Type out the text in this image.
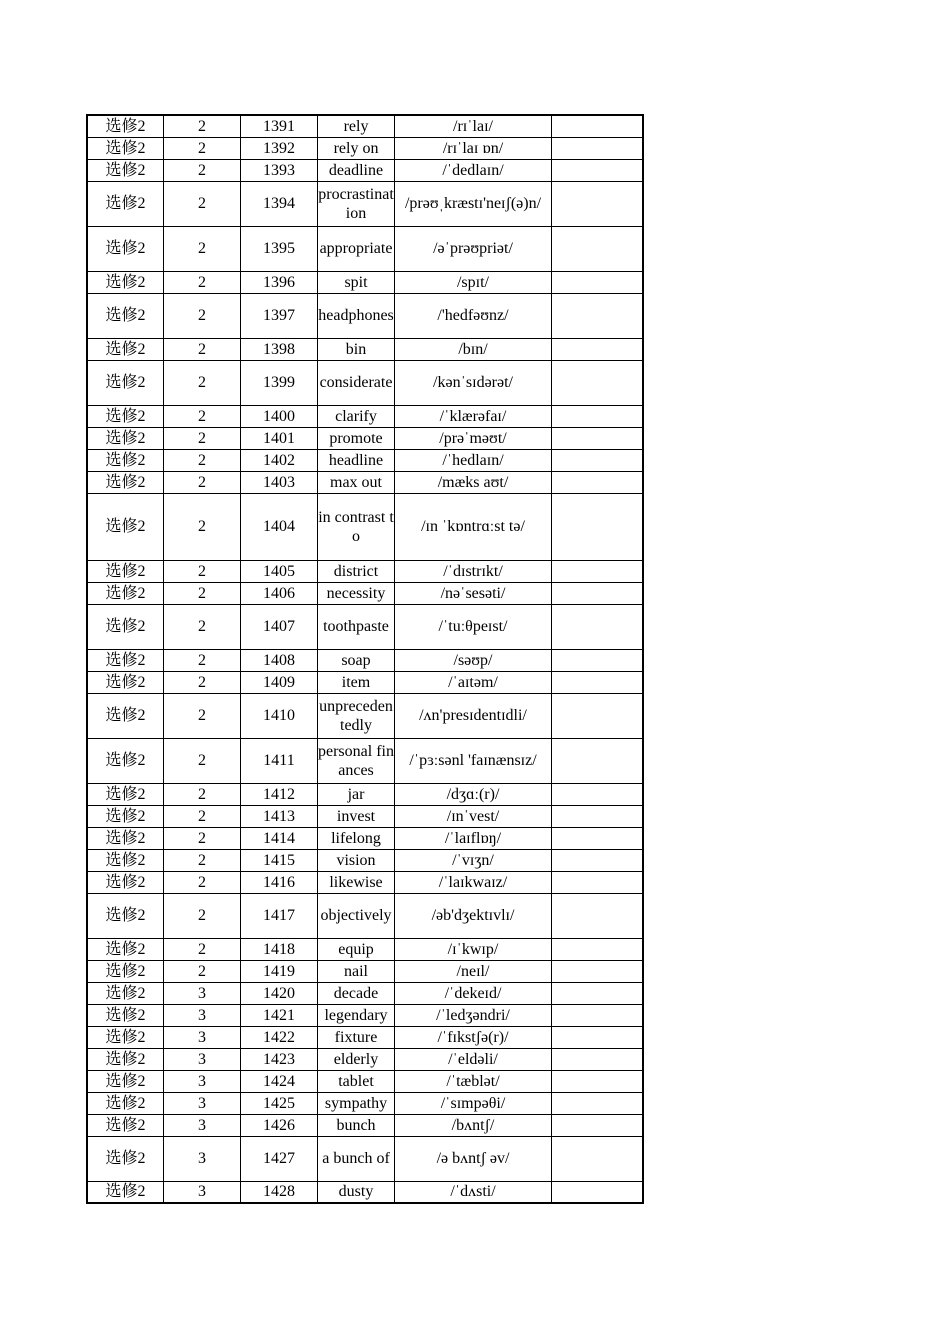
选修2	2	1391	rely	/rɪˈlaɪ/	
选修2	2	1392	rely on	/rɪˈlaɪ ɒn/	
选修2	2	1393	deadline	/ˈdedlaɪn/	
选修2	2	1394	procrastination	/prəʊˌkræstɪ'neɪʃ(ə)n/	
选修2	2	1395	appropriate	/əˈprəʊpriət/	
选修2	2	1396	spit	/spɪt/	
选修2	2	1397	headphones	/'hedfəʊnz/	
选修2	2	1398	bin	/bɪn/	
选修2	2	1399	considerate	/kənˈsɪdərət/	
选修2	2	1400	clarify	/ˈklærəfaɪ/	
选修2	2	1401	promote	/prəˈməʊt/	
选修2	2	1402	headline	/ˈhedlaɪn/	
选修2	2	1403	max out	/mæks aʊt/	
选修2	2	1404	in contrast to	/ɪn ˈkɒntrɑːst tə/	
选修2	2	1405	district	/ˈdɪstrɪkt/	
选修2	2	1406	necessity	/nəˈsesəti/	
选修2	2	1407	toothpaste	/ˈtuːθpeɪst/	
选修2	2	1408	soap	/səʊp/	
选修2	2	1409	item	/ˈaɪtəm/	
选修2	2	1410	unprecedentedly	/ʌn'presɪdentɪdli/	
选修2	2	1411	personal finances	/ˈpɜːsənl 'faɪnænsɪz/	
选修2	2	1412	jar	/dʒɑː(r)/	
选修2	2	1413	invest	/ɪnˈvest/	
选修2	2	1414	lifelong	/ˈlaɪflɒŋ/	
选修2	2	1415	vision	/ˈvɪʒn/	
选修2	2	1416	likewise	/ˈlaɪkwaɪz/	
选修2	2	1417	objectively	/əb'dʒektɪvlɪ/	
选修2	2	1418	equip	/ɪˈkwɪp/	
选修2	2	1419	nail	/neɪl/	
选修2	3	1420	decade	/ˈdekeɪd/	
选修2	3	1421	legendary	/ˈledʒəndri/	
选修2	3	1422	fixture	/ˈfɪkstʃə(r)/	
选修2	3	1423	elderly	/ˈeldəli/	
选修2	3	1424	tablet	/ˈtæblət/	
选修2	3	1425	sympathy	/ˈsɪmpəθi/	
选修2	3	1426	bunch	/bʌntʃ/	
选修2	3	1427	a bunch of	/ə bʌntʃ əv/	
选修2	3	1428	dusty	/ˈdʌsti/	
